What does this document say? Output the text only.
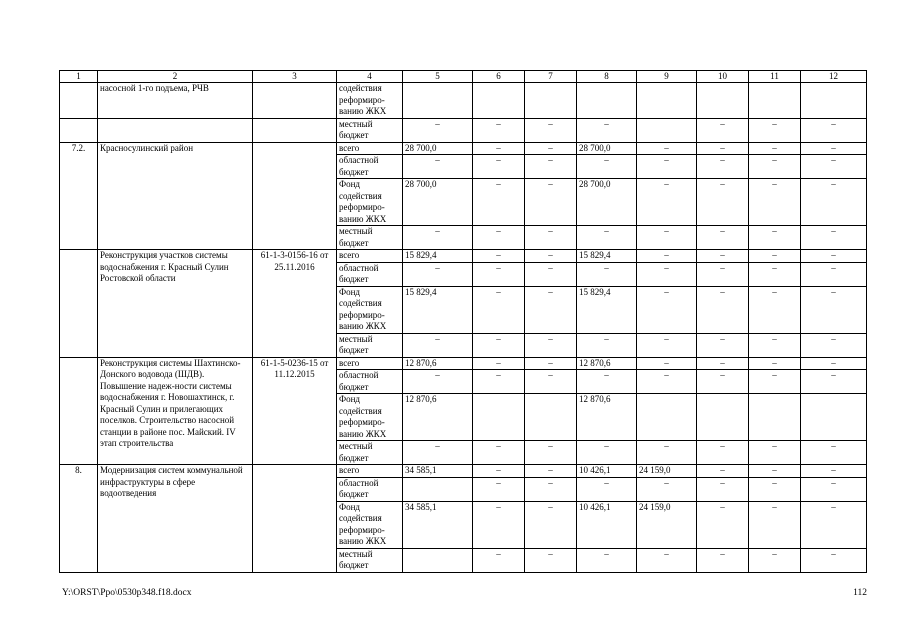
1	2	3	4	5	6	7	8	9	10	11	12
	насосной 1-го подъема, РЧВ		содействия реформиро-ванию ЖКХ								
			местный бюджет	–	–	–	–		–	–	–
7.2.	Красносулинский район		всего	28 700,0	–	–	28 700,0	–	–	–	–
			областной бюджет	–	–	–	–	–	–	–	–
			Фонд содействия реформиро-ванию ЖКХ	28 700,0	–	–	28 700,0	–	–	–	–
			местный бюджет	–	–	–	–	–	–	–	–
	Реконструкция участков системы водоснабжения г. Красный Сулин Ростовской области	61-1-3-0156-16 от 25.11.2016	всего	15 829,4	–	–	15 829,4	–	–	–	–
			областной бюджет	–	–	–	–	–	–	–	–
			Фонд содействия реформиро-ванию ЖКХ	15 829,4	–	–	15 829,4	–	–	–	–
			местный бюджет	–	–	–	–	–	–	–	–
	Реконструкция системы Шахтинско-Донского водовода (ШДВ). Повышение надеж-ности системы водоснабжения г. Новошахтинск, г. Красный Сулин и прилегающих поселков. Строительство насосной станции в районе пос. Майский. IV этап строительства	61-1-5-0236-15 от 11.12.2015	всего	12 870,6	–	–	12 870,6	–	–	–	–
			областной бюджет	–	–	–	–	–	–	–	–
			Фонд содействия реформиро-ванию ЖКХ	12 870,6			12 870,6				
			местный бюджет	–	–	–	–	–	–	–	–
8.	Модернизация систем коммунальной инфраструктуры в сфере водоотведения		всего	34 585,1	–	–	10 426,1	24 159,0	–	–	–
			областной бюджет		–	–	–	–	–	–	–
			Фонд содействия реформиро-ванию ЖКХ	34 585,1	–	–	10 426,1	24 159,0	–	–	–
			местный бюджет		–	–	–	–	–	–	–
Y:\ORST\Ppo\0530p348.f18.docx	112
